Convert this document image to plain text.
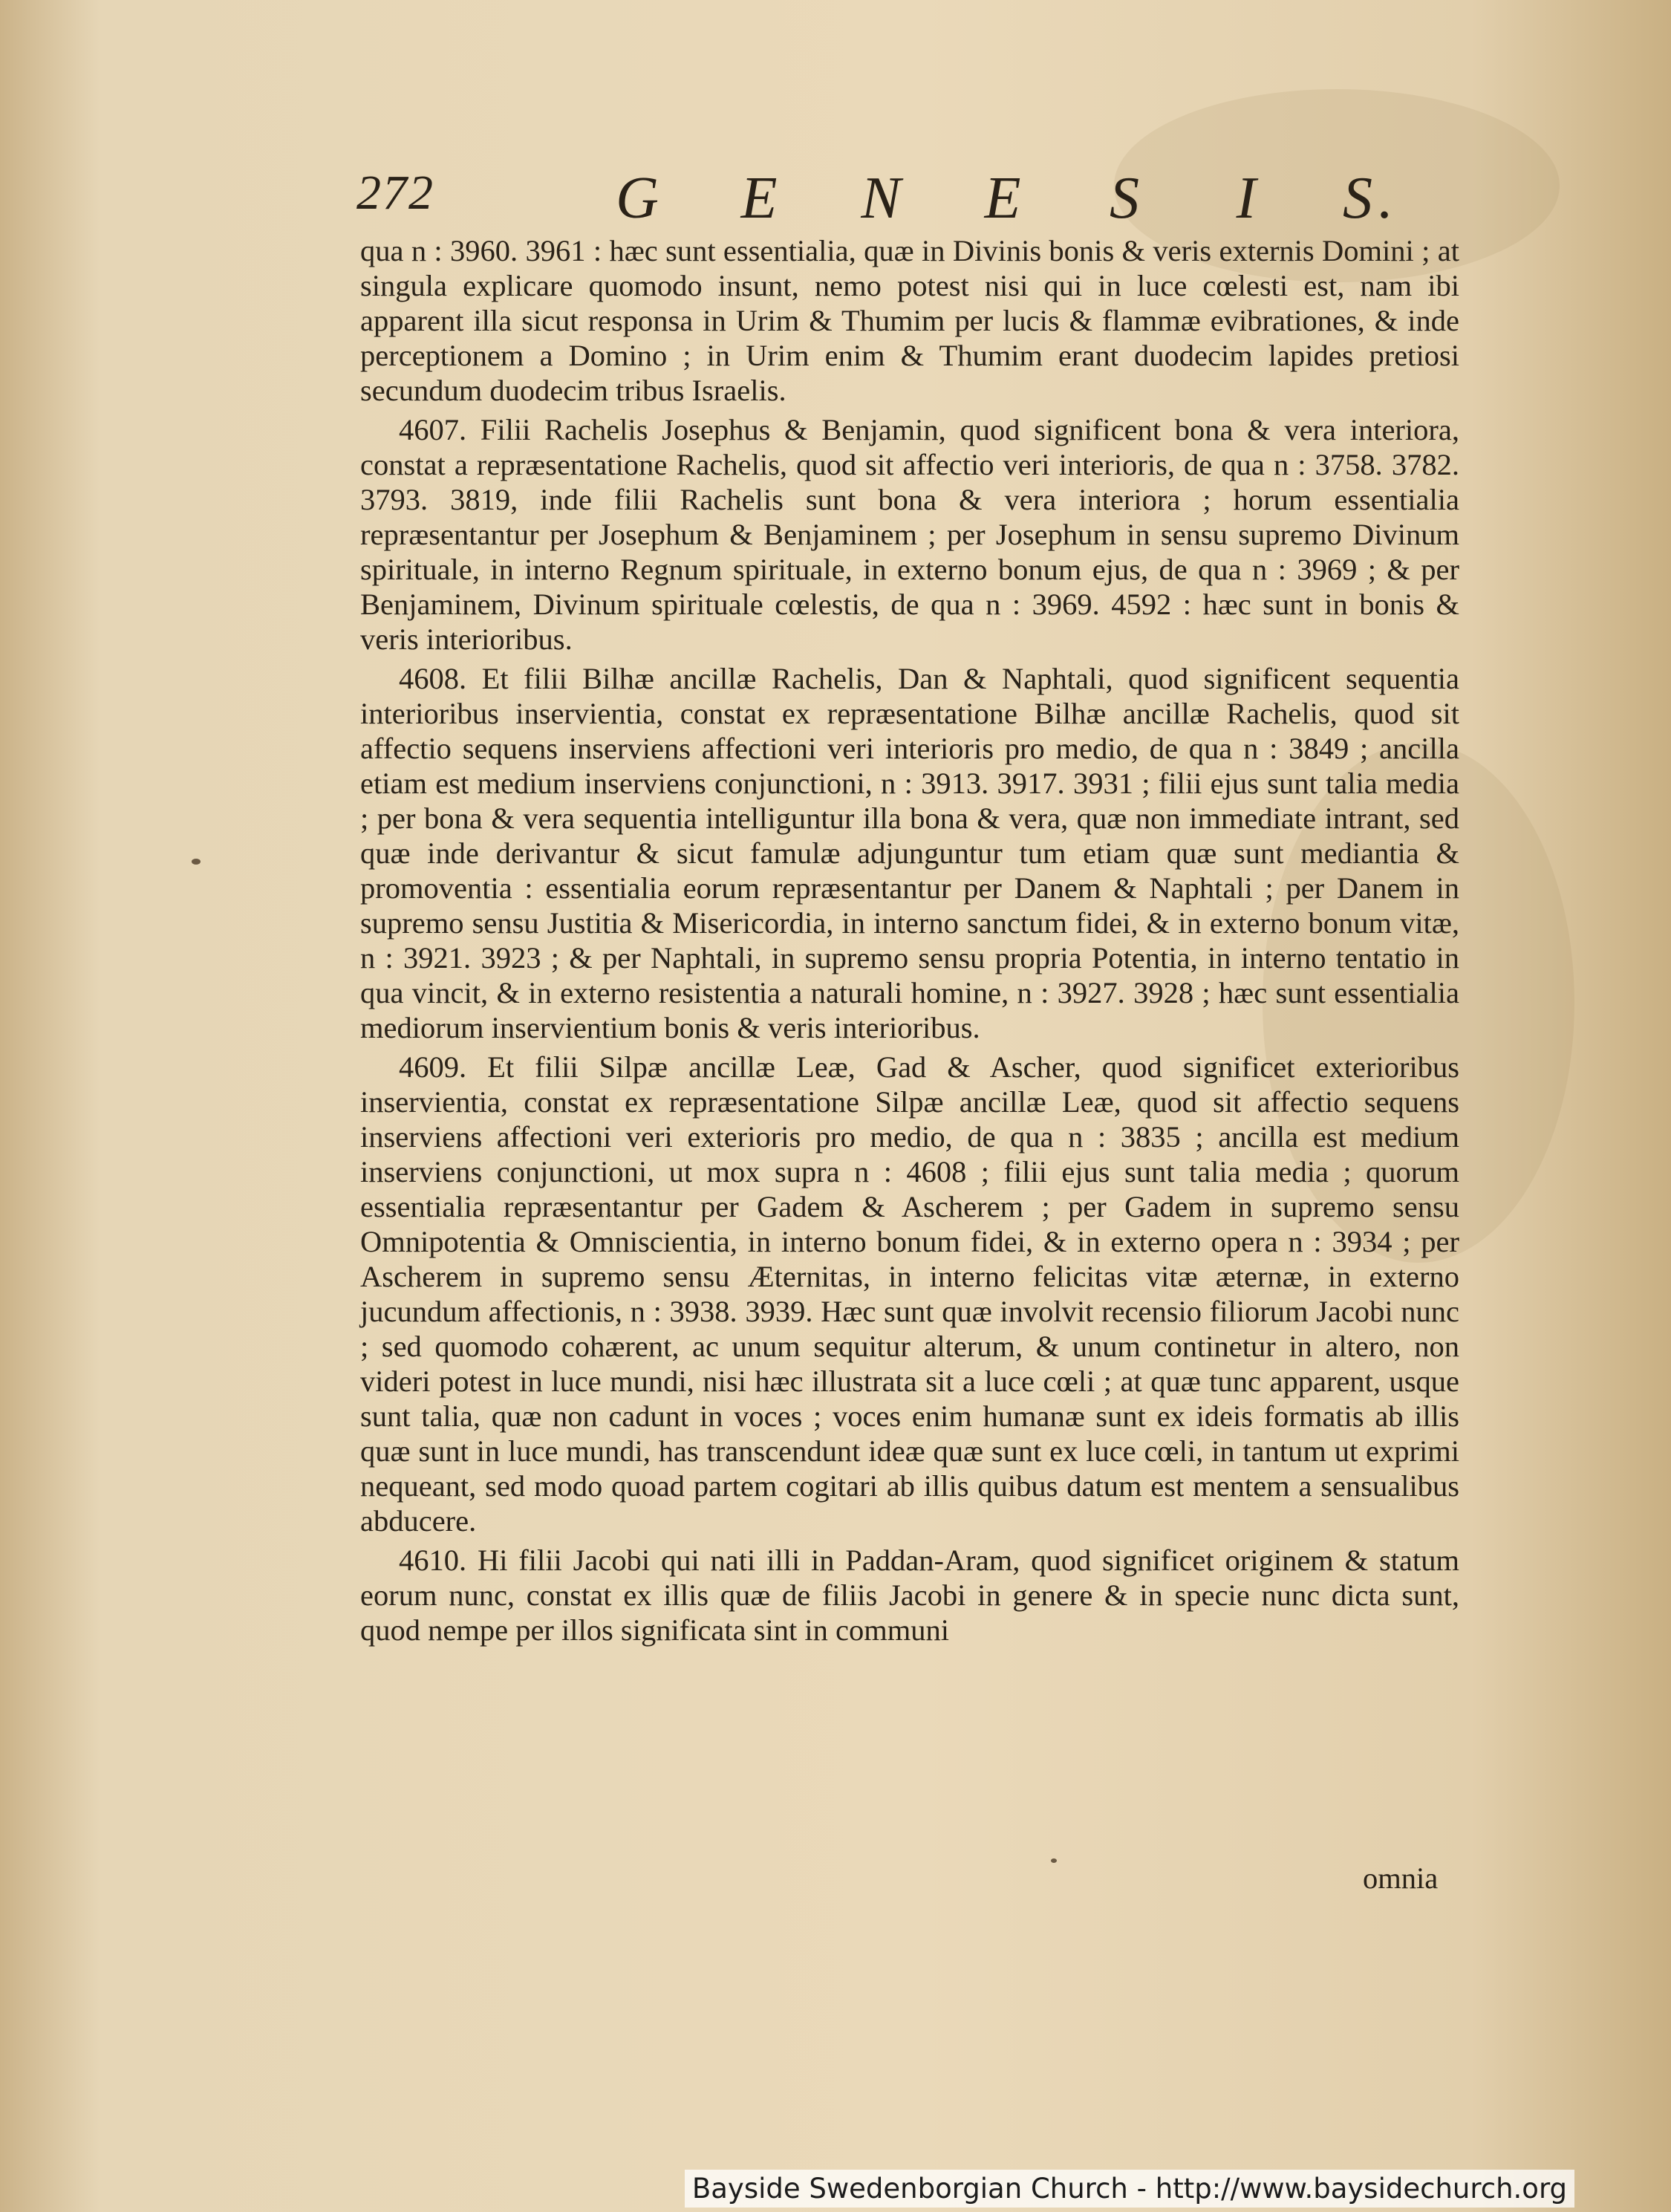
272	G E N E S I S.

qua n : 3960. 3961 : hæc sunt essentialia, quæ in Divinis bonis & veris externis Domini ; at singula explicare quomodo insunt, nemo potest nisi qui in luce cœlesti est, nam ibi apparent illa sicut responsa in Urim & Thumim per lucis & flammæ evibrationes, & inde perceptionem a Domino ; in Urim enim & Thumim erant duodecim lapides pretiosi secundum duodecim tribus Israelis.

4607. Filii Rachelis Josephus & Benjamin, quod significent bona & vera interiora, constat a repræsentatione Rachelis, quod sit affectio veri interioris, de qua n : 3758. 3782. 3793. 3819, inde filii Rachelis sunt bona & vera interiora ; horum essentialia repræsentantur per Josephum & Benjaminem ; per Josephum in sensu supremo Divinum spirituale, in interno Regnum spirituale, in externo bonum ejus, de qua n : 3969 ; & per Benjaminem, Divinum spirituale cœlestis, de qua n : 3969. 4592 : hæc sunt in bonis & veris interioribus.

4608. Et filii Bilhæ ancillæ Rachelis, Dan & Naphtali, quod significent sequentia interioribus inservientia, constat ex repræsentatione Bilhæ ancillæ Rachelis, quod sit affectio sequens inserviens affectioni veri interioris pro medio, de qua n : 3849 ; ancilla etiam est medium inserviens conjunctioni, n : 3913. 3917. 3931 ; filii ejus sunt talia media ; per bona & vera sequentia intelliguntur illa bona & vera, quæ non immediate intrant, sed quæ inde derivantur & sicut famulæ adjunguntur tum etiam quæ sunt mediantia & promoventia : essentialia eorum repræsentantur per Danem & Naphtali ; per Danem in supremo sensu Justitia & Misericordia, in interno sanctum fidei, & in externo bonum vitæ, n : 3921. 3923 ; & per Naphtali, in supremo sensu propria Potentia, in interno tentatio in qua vincit, & in externo resistentia a naturali homine, n : 3927. 3928 ; hæc sunt essentialia mediorum inservientium bonis & veris interioribus.

4609. Et filii Silpæ ancillæ Leæ, Gad & Ascher, quod significet exterioribus inservientia, constat ex repræsentatione Silpæ ancillæ Leæ, quod sit affectio sequens inserviens affectioni veri exterioris pro medio, de qua n : 3835 ; ancilla est medium inserviens conjunctioni, ut mox supra n : 4608 ; filii ejus sunt talia media ; quorum essentialia repræsentantur per Gadem & Ascherem ; per Gadem in supremo sensu Omnipotentia & Omniscientia, in interno bonum fidei, & in externo opera n : 3934 ; per Ascherem in supremo sensu Æternitas, in interno felicitas vitæ æternæ, in externo jucundum affectionis, n : 3938. 3939. Hæc sunt quæ involvit recensio filiorum Jacobi nunc ; sed quomodo cohærent, ac unum sequitur alterum, & unum continetur in altero, non videri potest in luce mundi, nisi hæc illustrata sit a luce cœli ; at quæ tunc apparent, usque sunt talia, quæ non cadunt in voces ; voces enim humanæ sunt ex ideis formatis ab illis quæ sunt in luce mundi, has transcendunt ideæ quæ sunt ex luce cœli, in tantum ut exprimi nequeant, sed modo quoad partem cogitari ab illis quibus datum est mentem a sensualibus abducere.

4610. Hi filii Jacobi qui nati illi in Paddan-Aram, quod significet originem & statum eorum nunc, constat ex illis quæ de filiis Jacobi in genere & in specie nunc dicta sunt, quod nempe per illos significata sint in communi

omnia
Bayside Swedenborgian Church - http://www.baysidechurch.org
